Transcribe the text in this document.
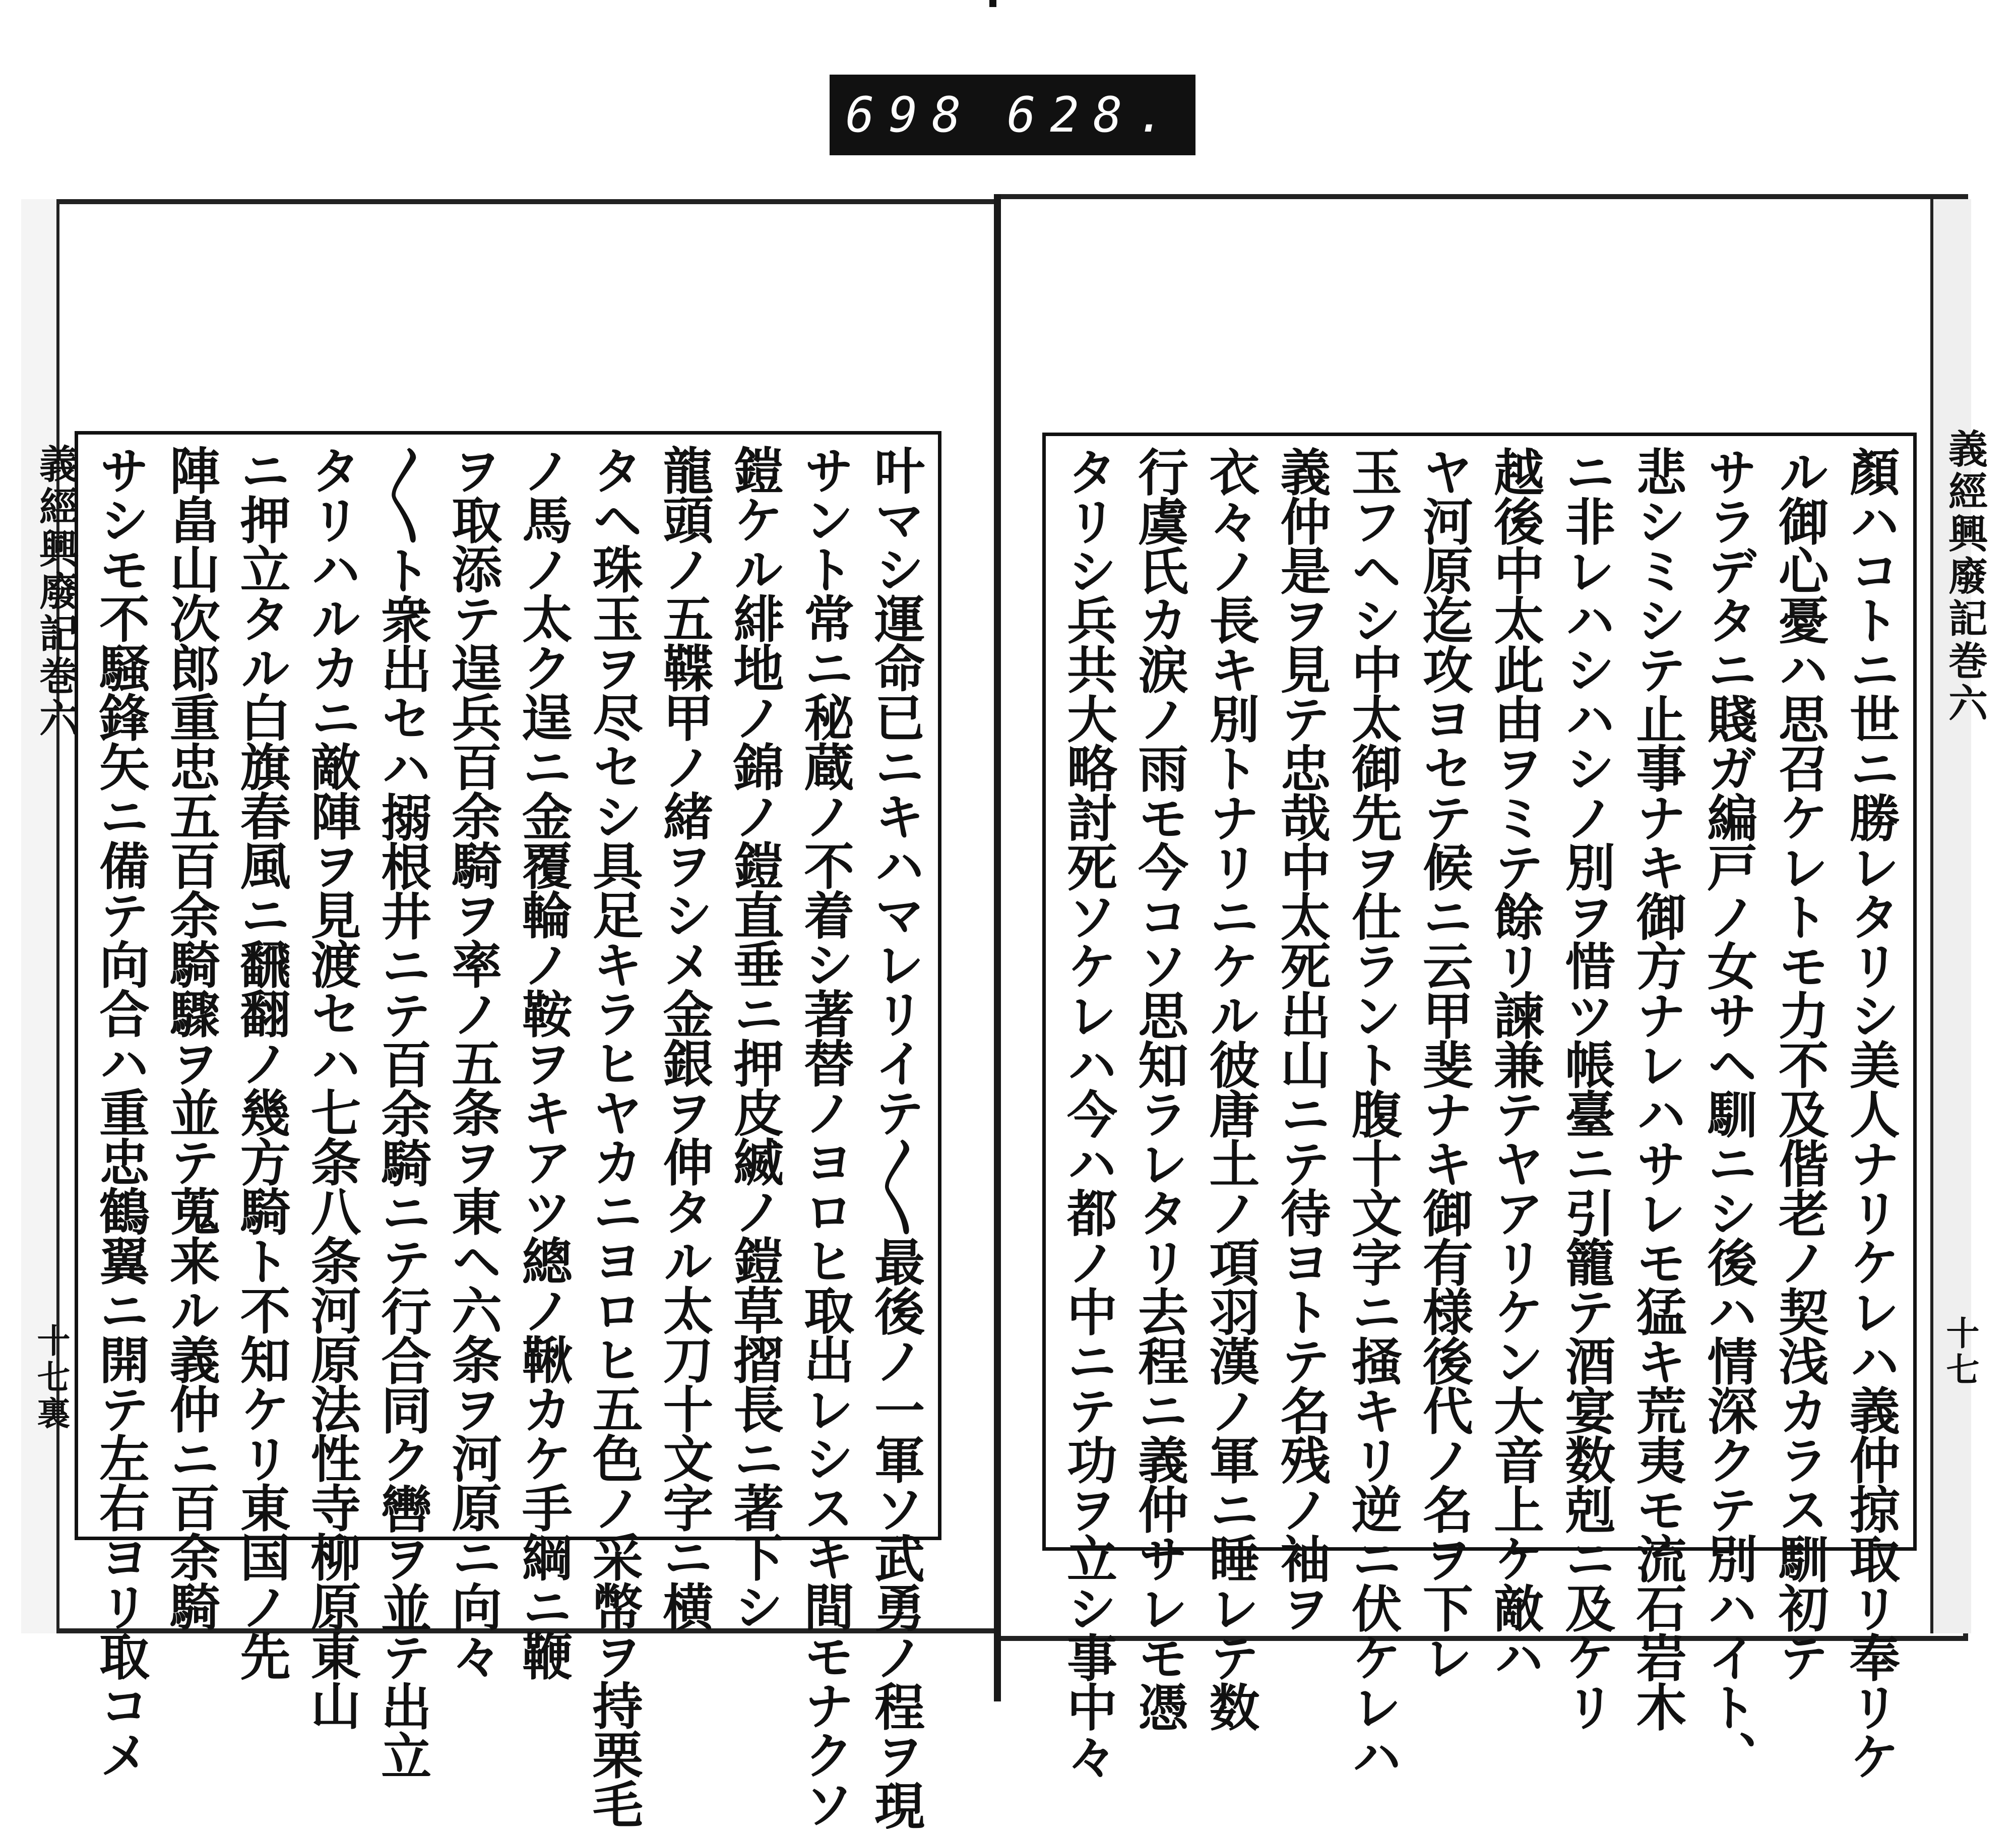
698 628.
義經興廢記巻六
十七裏
義經興廢記巻六
十七
叶マシ運命已ニキハマレリイテ〱最後ノ一軍ソ武勇ノ程ヲ現
サント常ニ秘蔵ノ不着シ著替ノヨロヒ取出レシスキ間モナクソ
鎧ケル緋地ノ錦ノ鎧直垂ニ押皮縅ノ鎧草摺長ニ著下シ
龍頭ノ五鞢甲ノ緒ヲシメ金銀ヲ伸タル太刀十文字ニ横
タヘ珠玉ヲ尽セシ具足キラヒヤカニヨロヒ五色ノ采幣ヲ持栗毛
ノ馬ノ太ク逞ニ金覆輪ノ鞍ヲキアツ總ノ鞦カケ手綱ニ鞭
ヲ取添テ逞兵百余騎ヲ率ノ五条ヲ東ヘ六条ヲ河原ニ向々
〱ト衆出セハ搦根井ニテ百余騎ニテ行合同ク轡ヲ並テ出立
タリハルカニ敵陣ヲ見渡セハ七条八条河原法性寺柳原東山
ニ押立タル白旗春風ニ飜翻ノ幾方騎ト不知ケリ東国ノ先
陣畠山次郎重忠五百余騎驟ヲ並テ蒐来ル義仲ニ百余騎
サシモ不騒鋒矢ニ備テ向合ハ重忠鶴翼ニ開テ左右ヨリ取コメ	顏ハコトニ世ニ勝レタリシ美人ナリケレハ義仲掠取リ奉リケ
ル御心憂ハ思召ケレトモ力不及偕老ノ契浅カラス馴初テ
サラデタニ賤ガ編戸ノ女サヘ馴ニシ後ハ情深クテ別ハイト、
悲シミシテ止事ナキ御方ナレハサレモ猛キ荒夷モ流石岩木
ニ非レハシハシノ別ヲ惜ツ帳臺ニ引籠テ酒宴数剋ニ及ケリ
越後中太此由ヲミテ餘リ諫兼テヤアリケン大音上ケ敵ハ
ヤ河原迄攻ヨセテ候ニ云甲斐ナキ御有様後代ノ名ヲ下レ
玉フヘシ中太御先ヲ仕ラント腹十文字ニ掻キリ逆ニ伏ケレハ
義仲是ヲ見テ忠哉中太死出山ニテ待ヨトテ名残ノ袖ヲ
衣々ノ長キ別トナリニケル彼唐土ノ項羽漢ノ軍ニ睡レテ数
行虞氏カ涙ノ雨モ今コソ思知ラレタリ去程ニ義仲サレモ憑
タリシ兵共大略討死ソケレハ今ハ都ノ中ニテ功ヲ立シ事中々
